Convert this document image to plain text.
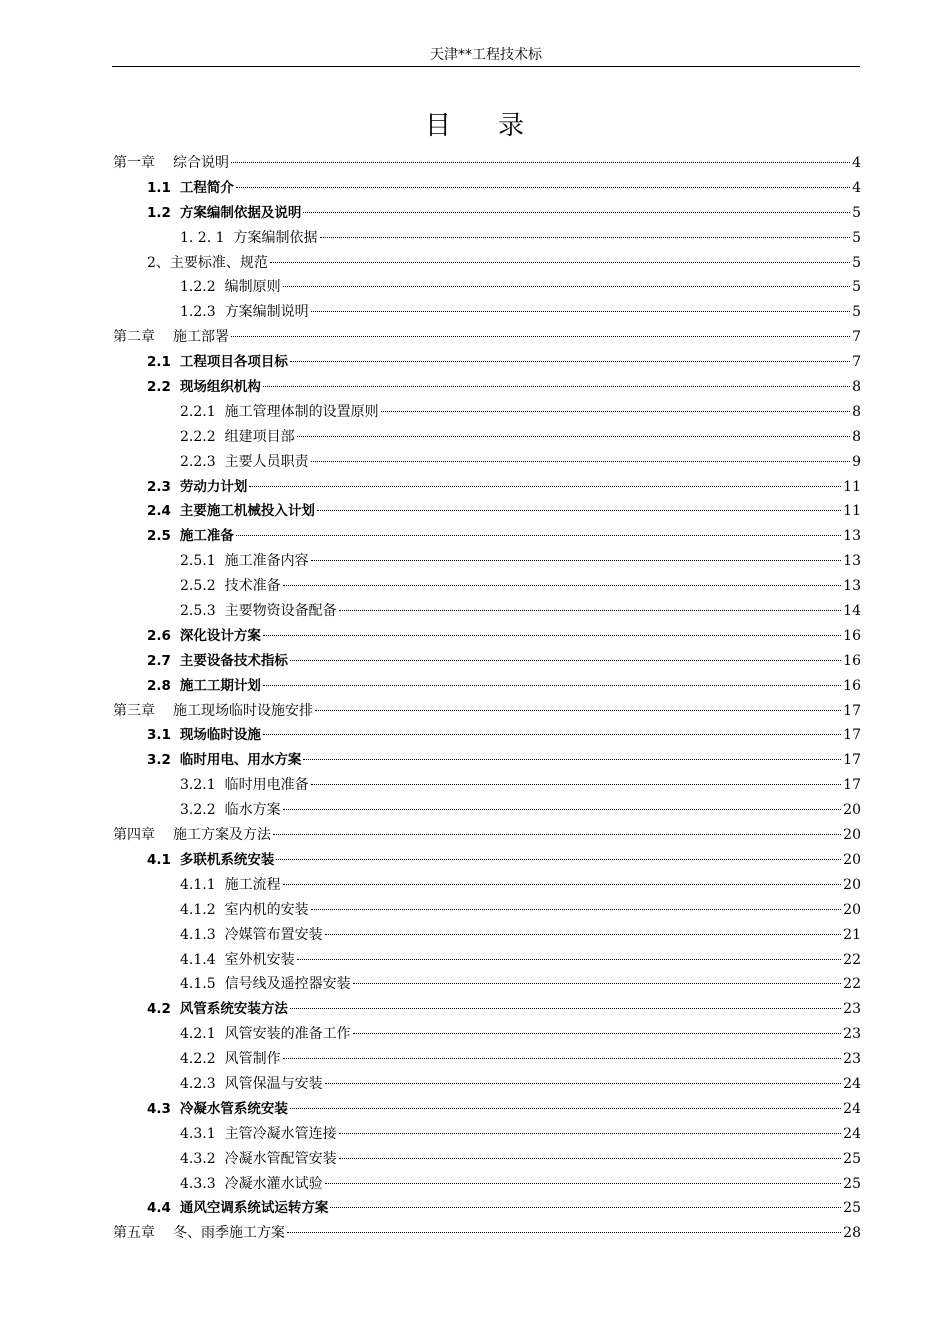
天津**工程技术标
目 录
第一章 综合说明	4
1.1 工程简介	4
1.2 方案编制依据及说明	5
1. 2. 1 方案编制依据	5
2、主要标准、规范	5
1.2.2 编制原则	5
1.2.3 方案编制说明	5
第二章 施工部署	7
2.1 工程项目各项目标	7
2.2 现场组织机构	8
2.2.1 施工管理体制的设置原则	8
2.2.2 组建项目部	8
2.2.3 主要人员职责	9
2.3 劳动力计划	11
2.4 主要施工机械投入计划	11
2.5 施工准备	13
2.5.1 施工准备内容	13
2.5.2 技术准备	13
2.5.3 主要物资设备配备	14
2.6 深化设计方案	16
2.7 主要设备技术指标	16
2.8 施工工期计划	16
第三章 施工现场临时设施安排	17
3.1 现场临时设施	17
3.2 临时用电、用水方案	17
3.2.1 临时用电准备	17
3.2.2 临水方案	20
第四章 施工方案及方法	20
4.1 多联机系统安装	20
4.1.1 施工流程	20
4.1.2 室内机的安装	20
4.1.3 冷媒管布置安装	21
4.1.4 室外机安装	22
4.1.5 信号线及遥控器安装	22
4.2 风管系统安装方法	23
4.2.1 风管安装的准备工作	23
4.2.2 风管制作	23
4.2.3 风管保温与安装	24
4.3 冷凝水管系统安装	24
4.3.1 主管冷凝水管连接	24
4.3.2 冷凝水管配管安装	25
4.3.3 冷凝水灌水试验	25
4.4 通风空调系统试运转方案	25
第五章 冬、雨季施工方案	28
